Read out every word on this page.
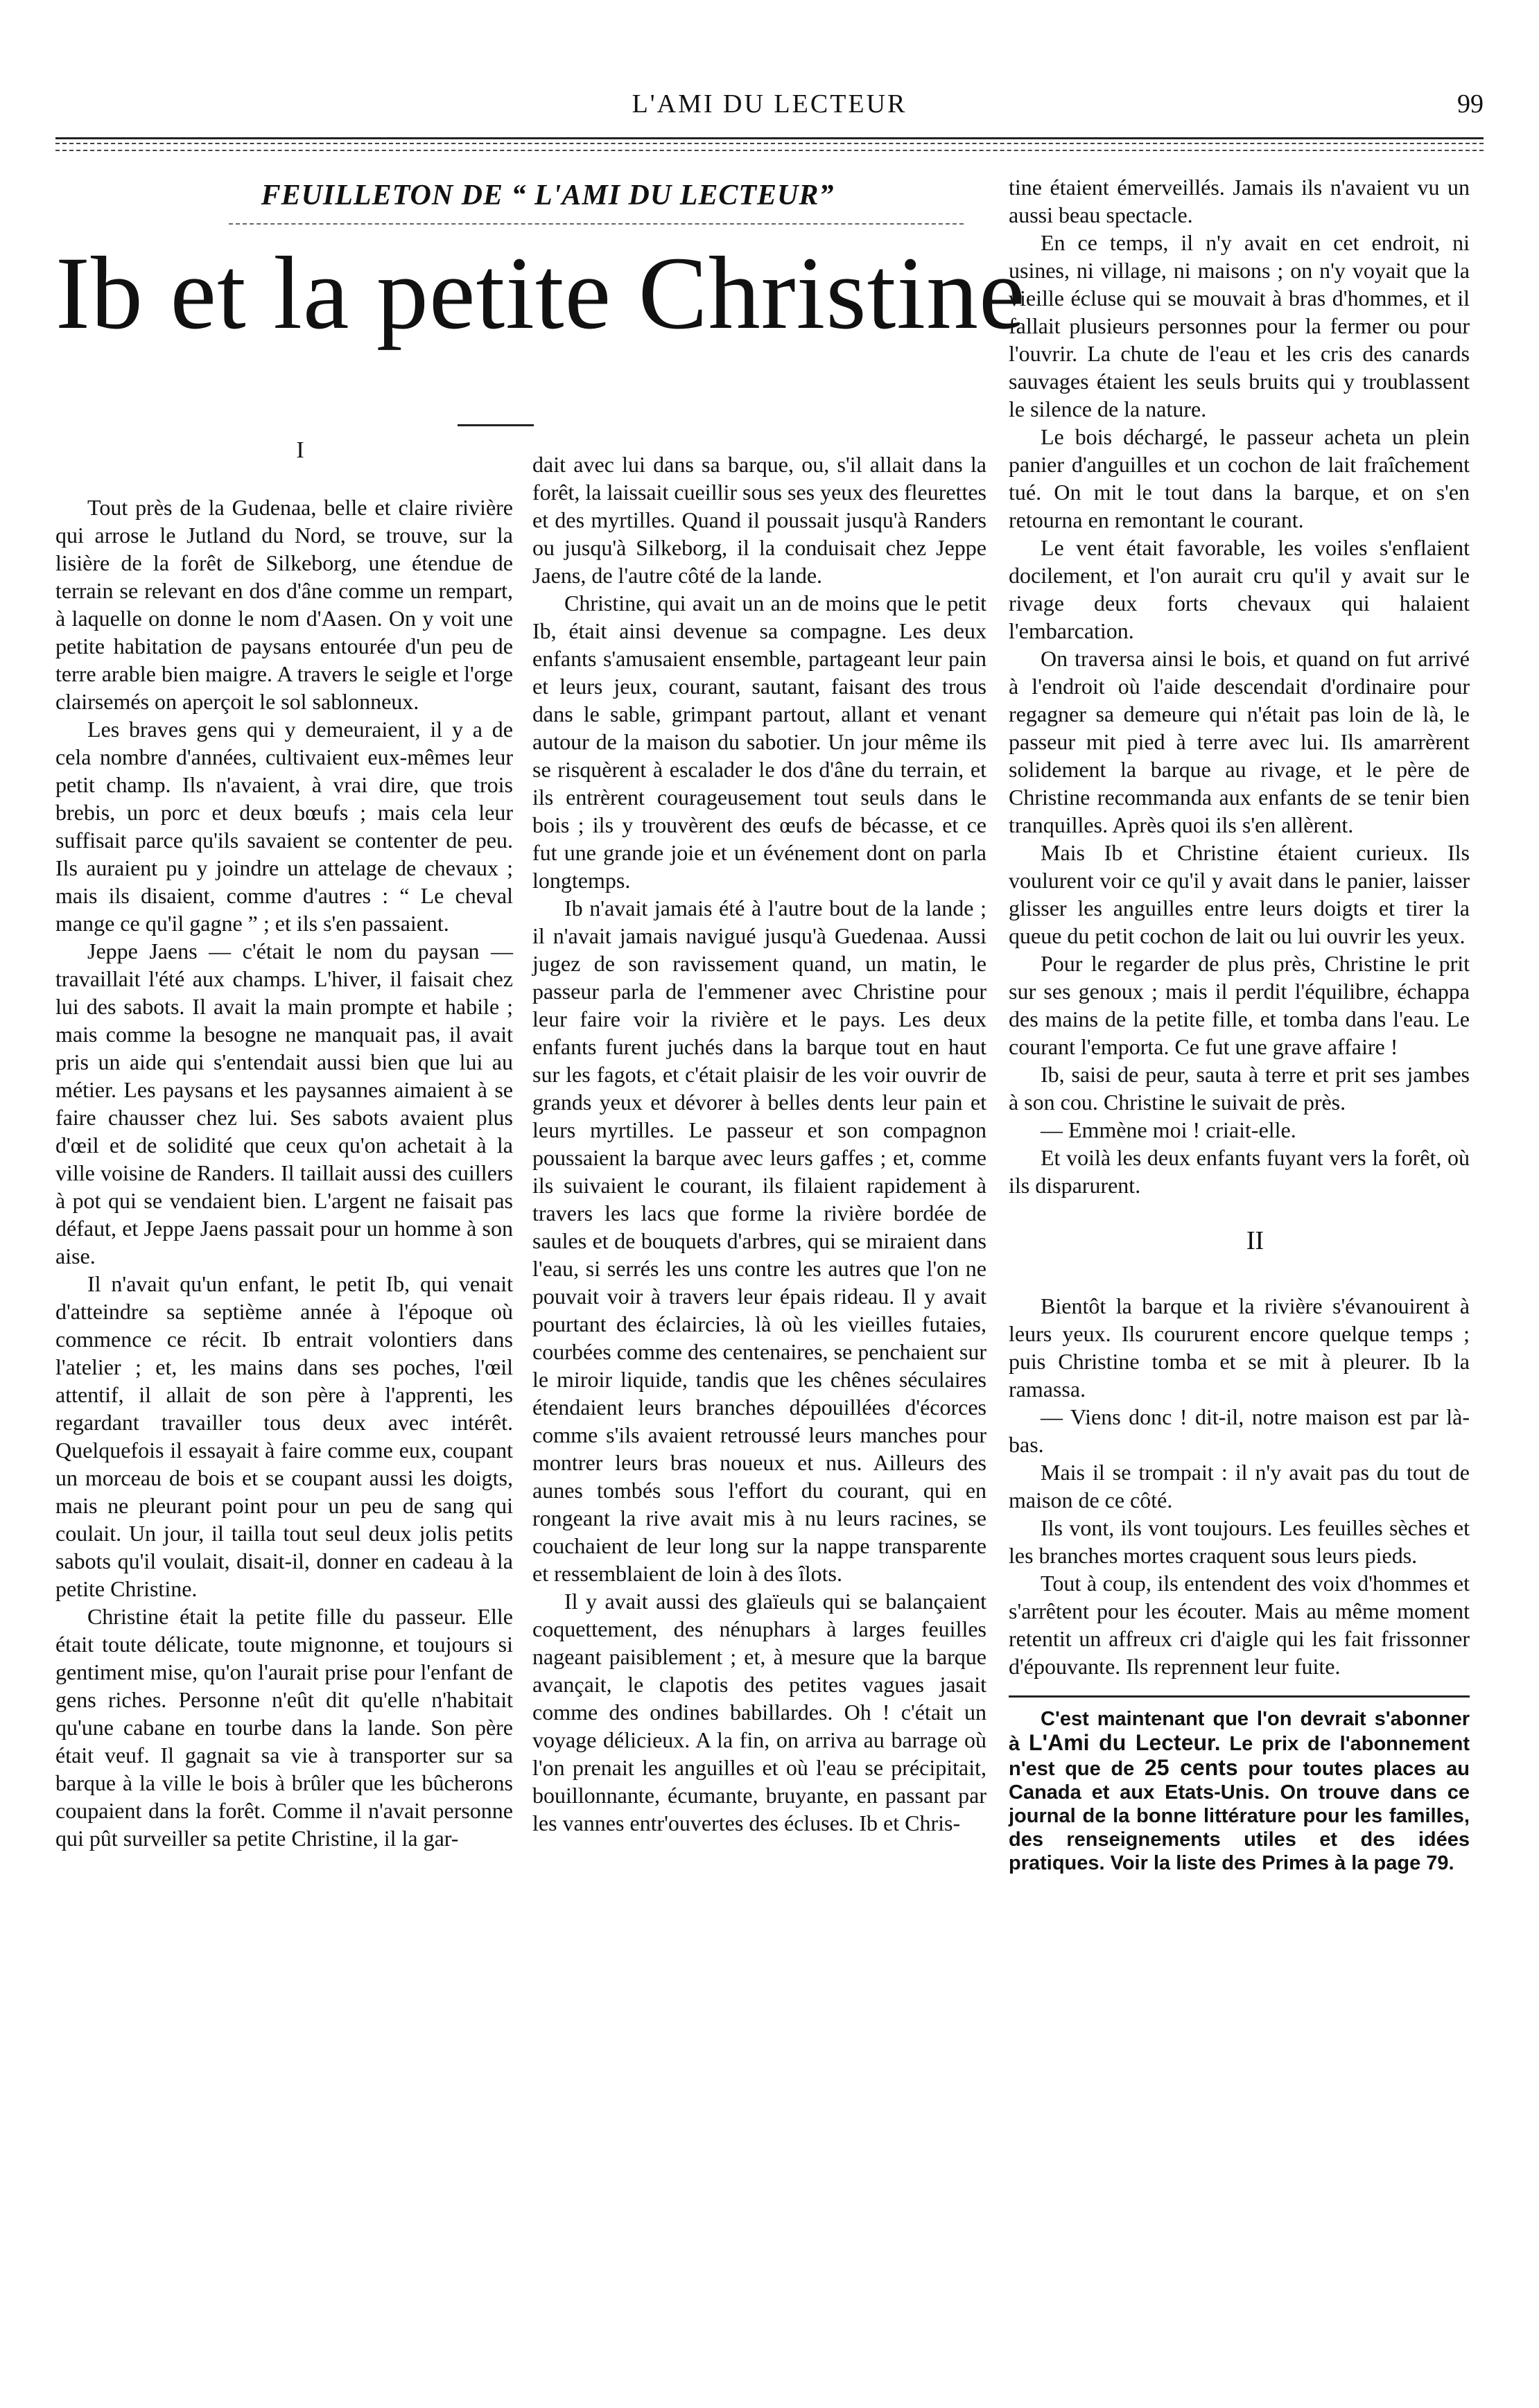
L'AMI DU LECTEUR	99
FEUILLETON DE “ L'AMI DU LECTEUR”
Ib et la petite Christine

I

Tout près de la Gudenaa, belle et claire rivière qui arrose le Jutland du Nord, se trouve, sur la lisière de la forêt de Silkeborg, une étendue de terrain se relevant en dos d'âne comme un rempart, à laquelle on donne le nom d'Aasen. On y voit une petite habitation de paysans entourée d'un peu de terre arable bien maigre. A travers le seigle et l'orge clairsemés on aperçoit le sol sablonneux.

Les braves gens qui y demeuraient, il y a de cela nombre d'années, cultivaient eux-mêmes leur petit champ. Ils n'avaient, à vrai dire, que trois brebis, un porc et deux bœufs ; mais cela leur suffisait parce qu'ils savaient se contenter de peu. Ils auraient pu y joindre un attelage de chevaux ; mais ils disaient, comme d'autres : “ Le cheval mange ce qu'il gagne ” ; et ils s'en passaient.

Jeppe Jaens — c'était le nom du paysan — travaillait l'été aux champs. L'hiver, il faisait chez lui des sabots. Il avait la main prompte et habile ; mais comme la besogne ne manquait pas, il avait pris un aide qui s'entendait aussi bien que lui au métier. Les paysans et les paysannes aimaient à se faire chausser chez lui. Ses sabots avaient plus d'œil et de solidité que ceux qu'on achetait à la ville voisine de Randers. Il taillait aussi des cuillers à pot qui se vendaient bien. L'argent ne faisait pas défaut, et Jeppe Jaens passait pour un homme à son aise.

Il n'avait qu'un enfant, le petit Ib, qui venait d'atteindre sa septième année à l'époque où commence ce récit. Ib entrait volontiers dans l'atelier ; et, les mains dans ses poches, l'œil attentif, il allait de son père à l'apprenti, les regardant travailler tous deux avec intérêt. Quelquefois il essayait à faire comme eux, coupant un morceau de bois et se coupant aussi les doigts, mais ne pleurant point pour un peu de sang qui coulait. Un jour, il tailla tout seul deux jolis petits sabots qu'il voulait, disait-il, donner en cadeau à la petite Christine.

Christine était la petite fille du passeur. Elle était toute délicate, toute mignonne, et toujours si gentiment mise, qu'on l'aurait prise pour l'enfant de gens riches. Personne n'eût dit qu'elle n'habitait qu'une cabane en tourbe dans la lande. Son père était veuf. Il gagnait sa vie à transporter sur sa barque à la ville le bois à brûler que les bûcherons coupaient dans la forêt. Comme il n'avait personne qui pût surveiller sa petite Christine, il la gar-

dait avec lui dans sa barque, ou, s'il allait dans la forêt, la laissait cueillir sous ses yeux des fleurettes et des myrtilles. Quand il poussait jusqu'à Randers ou jusqu'à Silkeborg, il la conduisait chez Jeppe Jaens, de l'autre côté de la lande.

Christine, qui avait un an de moins que le petit Ib, était ainsi devenue sa compagne. Les deux enfants s'amusaient ensemble, partageant leur pain et leurs jeux, courant, sautant, faisant des trous dans le sable, grimpant partout, allant et venant autour de la maison du sabotier. Un jour même ils se risquèrent à escalader le dos d'âne du terrain, et ils entrèrent courageusement tout seuls dans le bois ; ils y trouvèrent des œufs de bécasse, et ce fut une grande joie et un événement dont on parla longtemps.

Ib n'avait jamais été à l'autre bout de la lande ; il n'avait jamais navigué jusqu'à Guedenaa. Aussi jugez de son ravissement quand, un matin, le passeur parla de l'emmener avec Christine pour leur faire voir la rivière et le pays. Les deux enfants furent juchés dans la barque tout en haut sur les fagots, et c'était plaisir de les voir ouvrir de grands yeux et dévorer à belles dents leur pain et leurs myrtilles. Le passeur et son compagnon poussaient la barque avec leurs gaffes ; et, comme ils suivaient le courant, ils filaient rapidement à travers les lacs que forme la rivière bordée de saules et de bouquets d'arbres, qui se miraient dans l'eau, si serrés les uns contre les autres que l'on ne pouvait voir à travers leur épais rideau. Il y avait pourtant des éclaircies, là où les vieilles futaies, courbées comme des centenaires, se penchaient sur le miroir liquide, tandis que les chênes séculaires étendaient leurs branches dépouillées d'écorces comme s'ils avaient retroussé leurs manches pour montrer leurs bras noueux et nus. Ailleurs des aunes tombés sous l'effort du courant, qui en rongeant la rive avait mis à nu leurs racines, se couchaient de leur long sur la nappe transparente et ressemblaient de loin à des îlots.

Il y avait aussi des glaïeuls qui se balançaient coquettement, des nénuphars à larges feuilles nageant paisiblement ; et, à mesure que la barque avançait, le clapotis des petites vagues jasait comme des ondines babillardes. Oh ! c'était un voyage délicieux. A la fin, on arriva au barrage où l'on prenait les anguilles et où l'eau se précipitait, bouillonnante, écumante, bruyante, en passant par les vannes entr'ouvertes des écluses. Ib et Chris-

tine étaient émerveillés. Jamais ils n'avaient vu un aussi beau spectacle.

En ce temps, il n'y avait en cet endroit, ni usines, ni village, ni maisons ; on n'y voyait que la vieille écluse qui se mouvait à bras d'hommes, et il fallait plusieurs personnes pour la fermer ou pour l'ouvrir. La chute de l'eau et les cris des canards sauvages étaient les seuls bruits qui y troublassent le silence de la nature.

Le bois déchargé, le passeur acheta un plein panier d'anguilles et un cochon de lait fraîchement tué. On mit le tout dans la barque, et on s'en retourna en remontant le courant.

Le vent était favorable, les voiles s'enflaient docilement, et l'on aurait cru qu'il y avait sur le rivage deux forts chevaux qui halaient l'embarcation.

On traversa ainsi le bois, et quand on fut arrivé à l'endroit où l'aide descendait d'ordinaire pour regagner sa demeure qui n'était pas loin de là, le passeur mit pied à terre avec lui. Ils amarrèrent solidement la barque au rivage, et le père de Christine recommanda aux enfants de se tenir bien tranquilles. Après quoi ils s'en allèrent.

Mais Ib et Christine étaient curieux. Ils voulurent voir ce qu'il y avait dans le panier, laisser glisser les anguilles entre leurs doigts et tirer la queue du petit cochon de lait ou lui ouvrir les yeux.

Pour le regarder de plus près, Christine le prit sur ses genoux ; mais il perdit l'équilibre, échappa des mains de la petite fille, et tomba dans l'eau. Le courant l'emporta. Ce fut une grave affaire !

Ib, saisi de peur, sauta à terre et prit ses jambes à son cou. Christine le suivait de près.

— Emmène moi ! criait-elle.

Et voilà les deux enfants fuyant vers la forêt, où ils disparurent.

II

Bientôt la barque et la rivière s'évanouirent à leurs yeux. Ils coururent encore quelque temps ; puis Christine tomba et se mit à pleurer. Ib la ramassa.

— Viens donc ! dit-il, notre maison est par là-bas.

Mais il se trompait : il n'y avait pas du tout de maison de ce côté.

Ils vont, ils vont toujours. Les feuilles sèches et les branches mortes craquent sous leurs pieds.

Tout à coup, ils entendent des voix d'hommes et s'arrêtent pour les écouter. Mais au même moment retentit un affreux cri d'aigle qui les fait frissonner d'épouvante. Ils reprennent leur fuite.

C'est maintenant que l'on devrait s'abonner à L'Ami du Lecteur. Le prix de l'abonnement n'est que de 25 cents pour toutes places au Canada et aux Etats-Unis. On trouve dans ce journal de la bonne littérature pour les familles, des renseignements utiles et des idées pratiques. Voir la liste des Primes à la page 79.
